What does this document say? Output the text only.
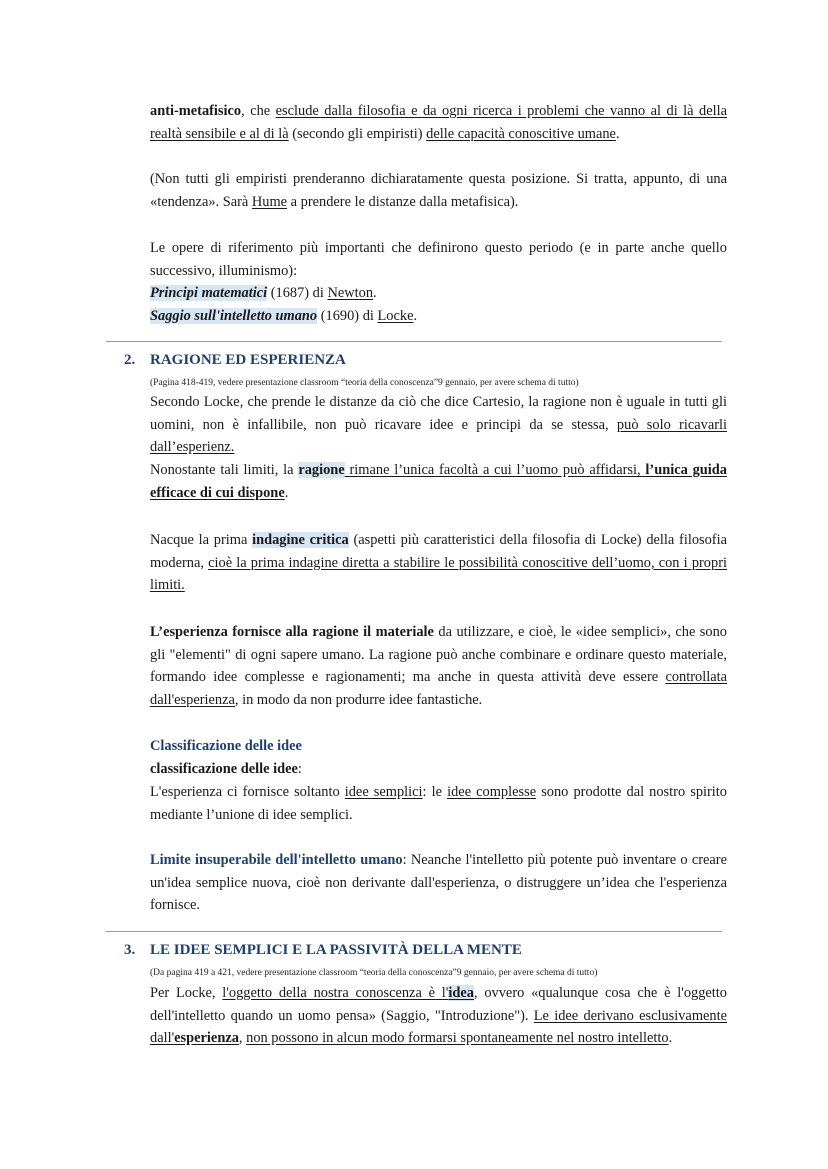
anti-metafisico, che esclude dalla filosofia e da ogni ricerca i problemi che vanno al di là della realtà sensibile e al di là (secondo gli empiristi) delle capacità conoscitive umane.
(Non tutti gli empiristi prenderanno dichiaratamente questa posizione. Si tratta, appunto, di una «tendenza». Sarà Hume a prendere le distanze dalla metafisica).
Le opere di riferimento più importanti che definirono questo periodo (e in parte anche quello successivo, illuminismo):
Principi matematici (1687) di Newton.
Saggio sull'intelletto umano (1690) di Locke.
2. RAGIONE ED ESPERIENZA
(Pagina 418-419, vedere presentazione classroom “teoria della conoscenza”9 gennaio, per avere schema di tutto)
Secondo Locke, che prende le distanze da ciò che dice Cartesio, la ragione non è uguale in tutti gli uomini, non è infallibile, non può ricavare idee e principi da se stessa, può solo ricavarli dall’esperienz.
Nonostante tali limiti, la ragione rimane l’unica facoltà a cui l’uomo può affidarsi, l’unica guida efficace di cui dispone.
Nacque la prima indagine critica (aspetti più caratteristici della filosofia di Locke) della filosofia moderna, cioè la prima indagine diretta a stabilire le possibilità conoscitive dell’uomo, con i propri limiti.
L’esperienza fornisce alla ragione il materiale da utilizzare, e cioè, le «idee semplici», che sono gli "elementi" di ogni sapere umano. La ragione può anche combinare e ordinare questo materiale, formando idee complesse e ragionamenti; ma anche in questa attività deve essere controllata dall'esperienza, in modo da non produrre idee fantastiche.
Classificazione delle idee
classificazione delle idee:
L'esperienza ci fornisce soltanto idee semplici: le idee complesse sono prodotte dal nostro spirito mediante l’unione di idee semplici.
Limite insuperabile dell'intelletto umano: Neanche l'intelletto più potente può inventare o creare un'idea semplice nuova, cioè non derivante dall'esperienza, o distruggere un’idea che l'esperienza fornisce.
3. LE IDEE SEMPLICI E LA PASSIVITÀ DELLA MENTE
(Da pagina 419 a 421, vedere presentazione classroom “teoria della conoscenza”9 gennaio, per avere schema di tutto)
Per Locke, l'oggetto della nostra conoscenza è l'idea, ovvero «qualunque cosa che è l'oggetto dell'intelletto quando un uomo pensa» (Saggio, "Introduzione"). Le idee derivano esclusivamente dall'esperienza, non possono in alcun modo formarsi spontaneamente nel nostro intelletto.
